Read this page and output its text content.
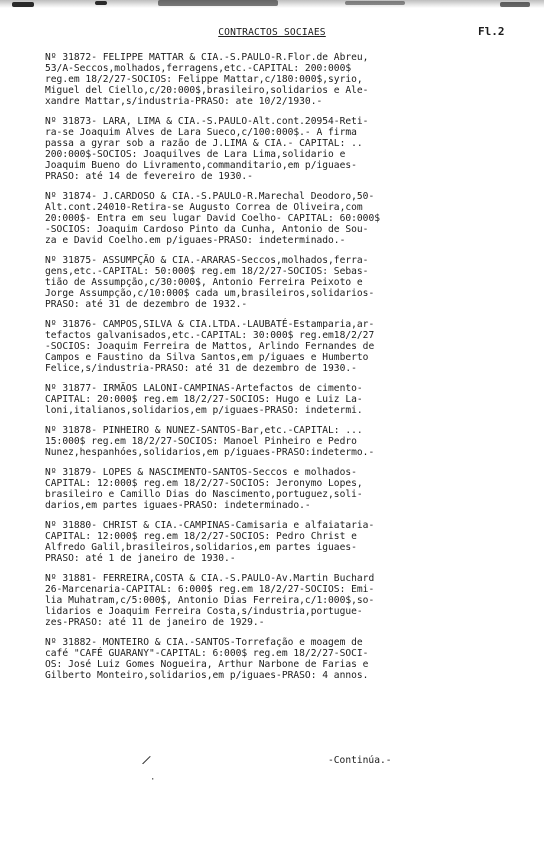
CONTRACTOS SOCIAES	Fl.2
Nº 31872- FELIPPE MATTAR & CIA.-S.PAULO-R.Flor.de Abreu,
53/A-Seccos,molhados,ferragens,etc.-CAPITAL: 200:000$
reg.em 18/2/27-SOCIOS: Felippe Mattar,c/180:000$,syrio,
Miguel del Ciello,c/20:000$,brasileiro,solidarios e Ale-
xandre Mattar,s/industria-PRASO: ate 10/2/1930.-
Nº 31873- LARA, LIMA & CIA.-S.PAULO-Alt.cont.20954-Reti-
ra-se Joaquim Alves de Lara Sueco,c/100:000$.- A firma
passa a gyrar sob a razão de J.LIMA & CIA.- CAPITAL: ..
200:000$-SOCIOS: Joaquilves de Lara Lima,solidario e
Joaquim Bueno do Livramento,commanditario,em p/iguaes-
PRASO: até 14 de fevereiro de 1930.-
Nº 31874- J.CARDOSO & CIA.-S.PAULO-R.Marechal Deodoro,50-
Alt.cont.24010-Retira-se Augusto Correa de Oliveira,com
20:000$- Entra em seu lugar David Coelho- CAPITAL: 60:000$
-SOCIOS: Joaquim Cardoso Pinto da Cunha, Antonio de Sou-
za e David Coelho.em p/iguaes-PRASO: indeterminado.-
Nº 31875- ASSUMPÇÃO & CIA.-ARARAS-Seccos,molhados,ferra-
gens,etc.-CAPITAL: 50:000$ reg.em 18/2/27-SOCIOS: Sebas-
tião de Assumpção,c/30:000$, Antonio Ferreira Peixoto e
Jorge Assumpção,c/10:000$ cada um,brasileiros,solidarios-
PRASO: até 31 de dezembro de 1932.-
Nº 31876- CAMPOS,SILVA & CIA.LTDA.-LAUBATÉ-Estamparia,ar-
tefactos galvanisados,etc.-CAPITAL: 30:000$ reg.em18/2/27
-SOCIOS: Joaquim Ferreira de Mattos, Arlindo Fernandes de
Campos e Faustino da Silva Santos,em p/iguaes e Humberto
Felice,s/industria-PRASO: até 31 de dezembro de 1930.-
Nº 31877- IRMÃOS LALONI-CAMPINAS-Artefactos de cimento-
CAPITAL: 20:000$ reg.em 18/2/27-SOCIOS: Hugo e Luiz La-
loni,italianos,solidarios,em p/iguaes-PRASO: indetermi.
Nº 31878- PINHEIRO & NUNEZ-SANTOS-Bar,etc.-CAPITAL: ...
15:000$ reg.em 18/2/27-SOCIOS: Manoel Pinheiro e Pedro
Nunez,hespanhóes,solidarios,em p/iguaes-PRASO:indetermo.-
Nº 31879- LOPES & NASCIMENTO-SANTOS-Seccos e molhados-
CAPITAL: 12:000$ reg.em 18/2/27-SOCIOS: Jeronymo Lopes,
brasileiro e Camillo Dias do Nascimento,portuguez,soli-
darios,em partes iguaes-PRASO: indeterminado.-
Nº 31880- CHRIST & CIA.-CAMPINAS-Camisaria e alfaiataria-
CAPITAL: 12:000$ reg.em 18/2/27-SOCIOS: Pedro Christ e
Alfredo Galil,brasileiros,solidarios,em partes iguaes-
PRASO: até 1 de janeiro de 1930.-
Nº 31881- FERREIRA,COSTA & CIA.-S.PAULO-Av.Martin Buchard
26-Marcenaria-CAPITAL: 6:000$ reg.em 18/2/27-SOCIOS: Emi-
lia Muhatram,c/5:000$, Antonio Dias Ferreira,c/1:000$,so-
lidarios e Joaquim Ferreira Costa,s/industria,portugue-
zes-PRASO: até 11 de janeiro de 1929.-
Nº 31882- MONTEIRO & CIA.-SANTOS-Torrefação e moagem de
café "CAFÉ GUARANY"-CAPITAL: 6:000$ reg.em 18/2/27-SOCI-
OS: José Luiz Gomes Nogueira, Arthur Narbone de Farias e
Gilberto Monteiro,solidarios,em p/iguaes-PRASO: 4 annos.
/
·
-Continúa.-
